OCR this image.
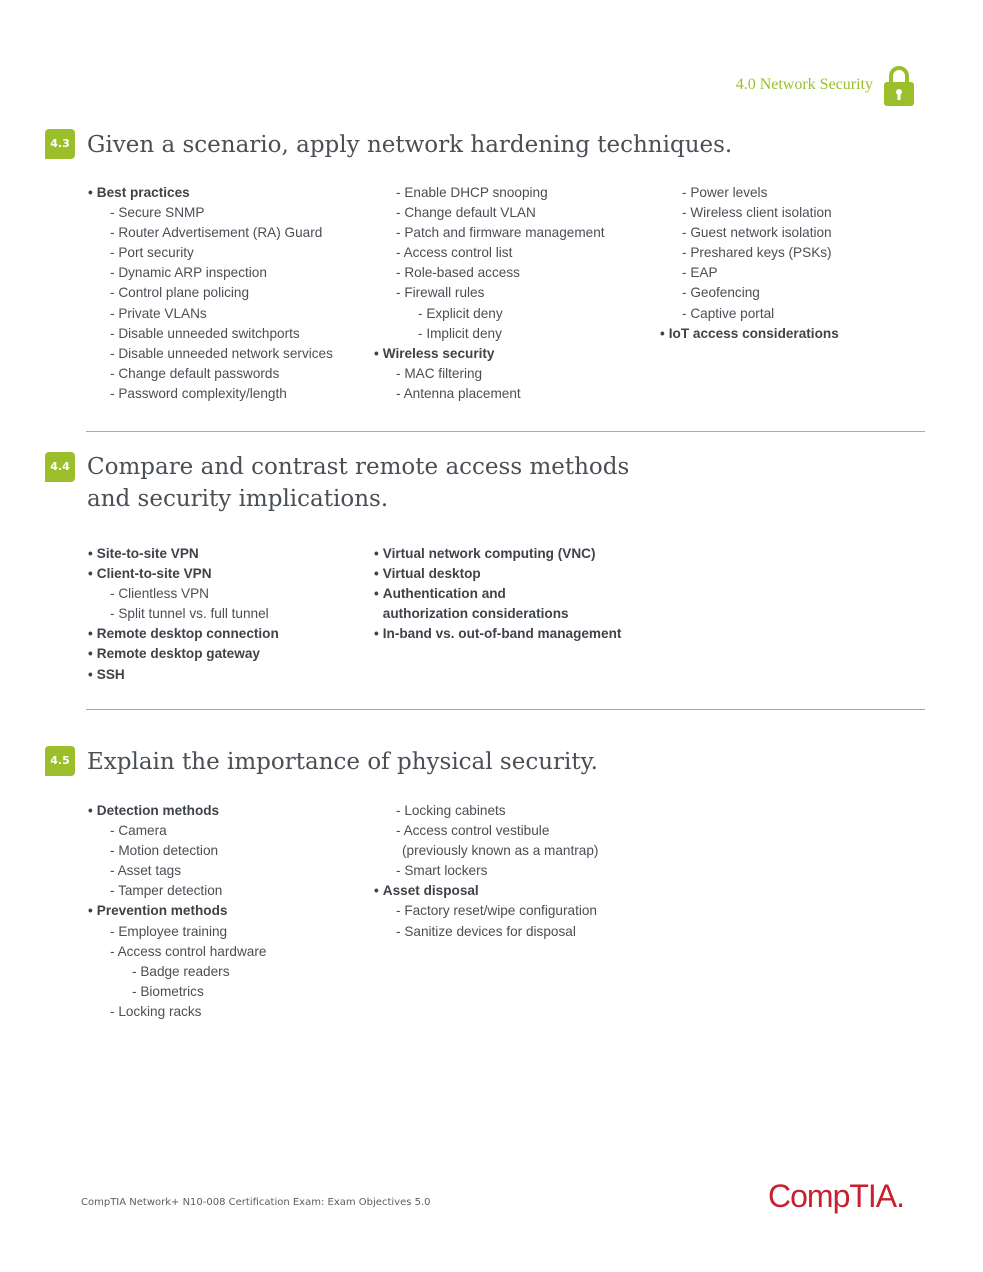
4.0 Network Security
4.3 Given a scenario, apply network hardening techniques.
• Best practices
- Secure SNMP
- Router Advertisement (RA) Guard
- Port security
- Dynamic ARP inspection
- Control plane policing
- Private VLANs
- Disable unneeded switchports
- Disable unneeded network services
- Change default passwords
- Password complexity/length
- Enable DHCP snooping
- Change default VLAN
- Patch and firmware management
- Access control list
- Role-based access
- Firewall rules
- Explicit deny
- Implicit deny
• Wireless security
- MAC filtering
- Antenna placement
- Power levels
- Wireless client isolation
- Guest network isolation
- Preshared keys (PSKs)
- EAP
- Geofencing
- Captive portal
• IoT access considerations
4.4 Compare and contrast remote access methods
and security implications.
• Site-to-site VPN
• Client-to-site VPN
- Clientless VPN
- Split tunnel vs. full tunnel
• Remote desktop connection
• Remote desktop gateway
• SSH
• Virtual network computing (VNC)
• Virtual desktop
• Authentication and
authorization considerations
• In-band vs. out-of-band management
4.5 Explain the importance of physical security.
• Detection methods
- Camera
- Motion detection
- Asset tags
- Tamper detection
• Prevention methods
- Employee training
- Access control hardware
- Badge readers
- Biometrics
- Locking racks
- Locking cabinets
- Access control vestibule
(previously known as a mantrap)
- Smart lockers
• Asset disposal
- Factory reset/wipe configuration
- Sanitize devices for disposal
CompTIA Network+ N10-008 Certification Exam: Exam Objectives 5.0	CompTIA.
